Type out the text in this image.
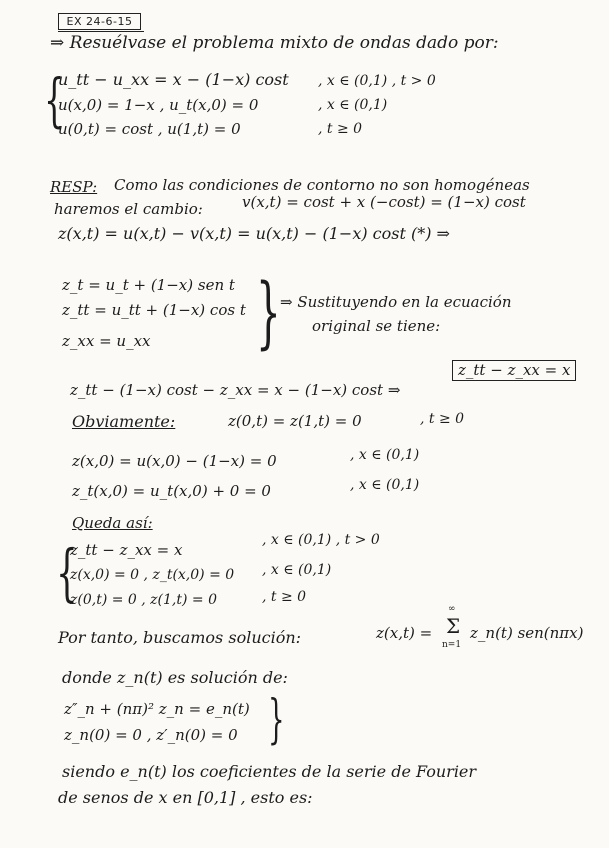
EX 24-6-15
⇒ Resuélvase el problema mixto de ondas dado por:
{
u_tt − u_xx = x − (1−x) cost , x ∈ (0,1) , t > 0
u(x,0) = 1−x , u_t(x,0) = 0	, x ∈ (0,1)
u(0,t) = cost , u(1,t) = 0	, t ≥ 0
RESP: Como las condiciones de contorno no son homogéneas
haremos el cambio:	v(x,t) = cost + x (−cost) = (1−x) cost
z(x,t) = u(x,t) − v(x,t) = u(x,t) − (1−x) cost (*) ⇒
z_t = u_t + (1−x) sen t
z_tt = u_tt + (1−x) cos t
z_xx = u_xx } ⇒ Sustituyendo en la ecuación
original se tiene:
z_tt − (1−x) cost − z_xx = x − (1−x) cost ⇒
z_tt − z_xx = x
Obviamente:	z(0,t) = z(1,t) = 0	, t ≥ 0
z(x,0) = u(x,0) − (1−x) = 0	, x ∈ (0,1)
z_t(x,0) = u_t(x,0) + 0 = 0	, x ∈ (0,1)
Queda así:
{
z_tt − z_xx = x
, x ∈ (0,1) , t > 0
z(x,0) = 0 , z_t(x,0) = 0 , x ∈ (0,1)
z(0,t) = 0 , z(1,t) = 0	, t ≥ 0
Por tanto, buscamos solución:	z(x,t) =
∞
Σ
n=1
z_n(t) sen(nπx)
donde z_n(t) es solución de:
z″_n + (nπ)² z_n = e_n(t)
z_n(0) = 0 , z′_n(0) = 0 }
siendo e_n(t) los coeficientes de la serie de Fourier
de senos de x en [0,1] , esto es:
